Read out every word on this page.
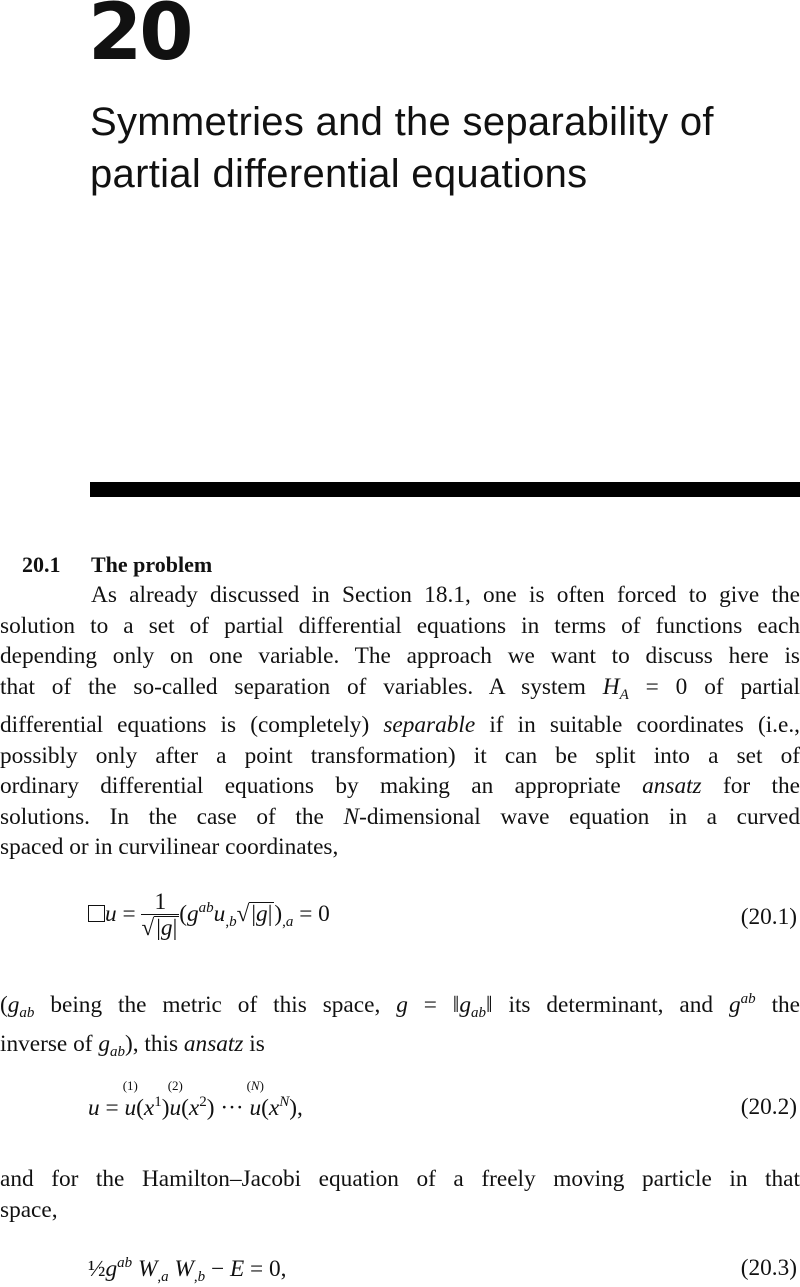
20
Symmetries and the separability of
partial differential equations
20.1 The problem
As already discussed in Section 18.1, one is often forced to give the
solution to a set of partial differential equations in terms of functions each
depending only on one variable. The approach we want to discuss here is
that of the so-called separation of variables. A system $H_A = 0$ of partial
differential equations is (completely) separable if in suitable coordinates (i.e.,
possibly only after a point transformation) it can be split into a set of
ordinary differential equations by making an appropriate ansatz for the
solutions. In the case of the N-dimensional wave equation in a curved
spaced or in curvilinear coordinates,
$u = \frac{1}{√|g|} (g^{ab}u_{,b}√|g|)_{,a} = 0$	(20.1)
($g_{ab}$ being the metric of this space, $g = ‖g_{ab}‖$ its determinant, and $g^{ab}$ the
inverse of $g_{ab}$), this ansatz is
u =
(1)
$u(x^1)$
(2)
$u(x^2)$ ···
(N)
$u(x^N)$,	(20.2)
and for the Hamilton–Jacobi equation of a freely moving particle in that
space,
$\frac{1}{2}g^{ab}$ $W_{,a}$ $W_{,b} - E = 0$,	(20.3)
